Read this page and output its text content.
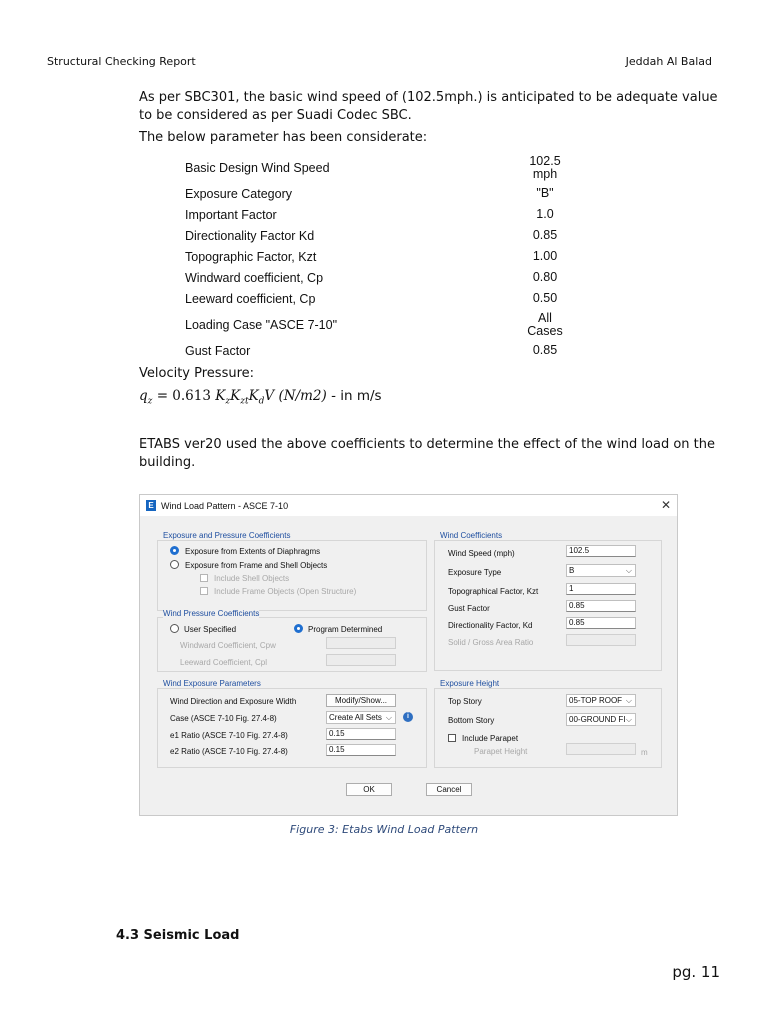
Structural Checking Report	Jeddah Al Balad
As per SBC301, the basic wind speed of (102.5mph.) is anticipated to be adequate value to be considered as per Suadi Codec SBC.
The below parameter has been considerate:
Basic Design Wind Speed	102.5
mph

Exposure Category	"B"

Important Factor	1.0

Directionality Factor Kd	0.85

Topographic Factor, Kzt	1.00

Windward coefficient, Cp	0.80

Leeward coefficient, Cp	0.50

Loading Case "ASCE 7-10"	All
Cases

Gust Factor	0.85
Velocity Pressure:
$q_z = 0.613$ $K_zK_{zt}K_dV$ (N/m2) - in m/s
ETABS ver20 used the above coefficients to determine the effect of the wind load on the building.
E Wind Load Pattern - ASCE 7-10	✕
Exposure and Pressure Coefficients
Exposure from Extents of Diaphragms
Exposure from Frame and Shell Objects
Include Shell Objects
Include Frame Objects (Open Structure)
Wind Pressure Coefficients
User Specified	Program Determined
Windward Coefficient, Cpw
Leeward Coefficient, Cpl
Wind Exposure Parameters
Wind Direction and Exposure Width	Modify/Show...
Case (ASCE 7-10 Fig. 27.4-8)	Create All Sets ⌵	i
e1 Ratio (ASCE 7-10 Fig. 27.4-8)	0.15
e2 Ratio (ASCE 7-10 Fig. 27.4-8)	0.15
Wind Coefficients
Wind Speed (mph)	102.5
Exposure Type	B	⌵
Topographical Factor, Kzt	1
Gust Factor	0.85
Directionality Factor, Kd	0.85
Solid / Gross Area Ratio
Exposure Height
Top Story	05-TOP ROOF ⌵
Bottom Story	00-GROUND FI ⌵
Include Parapet
Parapet Height	m
OK	Cancel
Figure 3: Etabs Wind Load Pattern
4.3 Seismic Load
pg. 11
